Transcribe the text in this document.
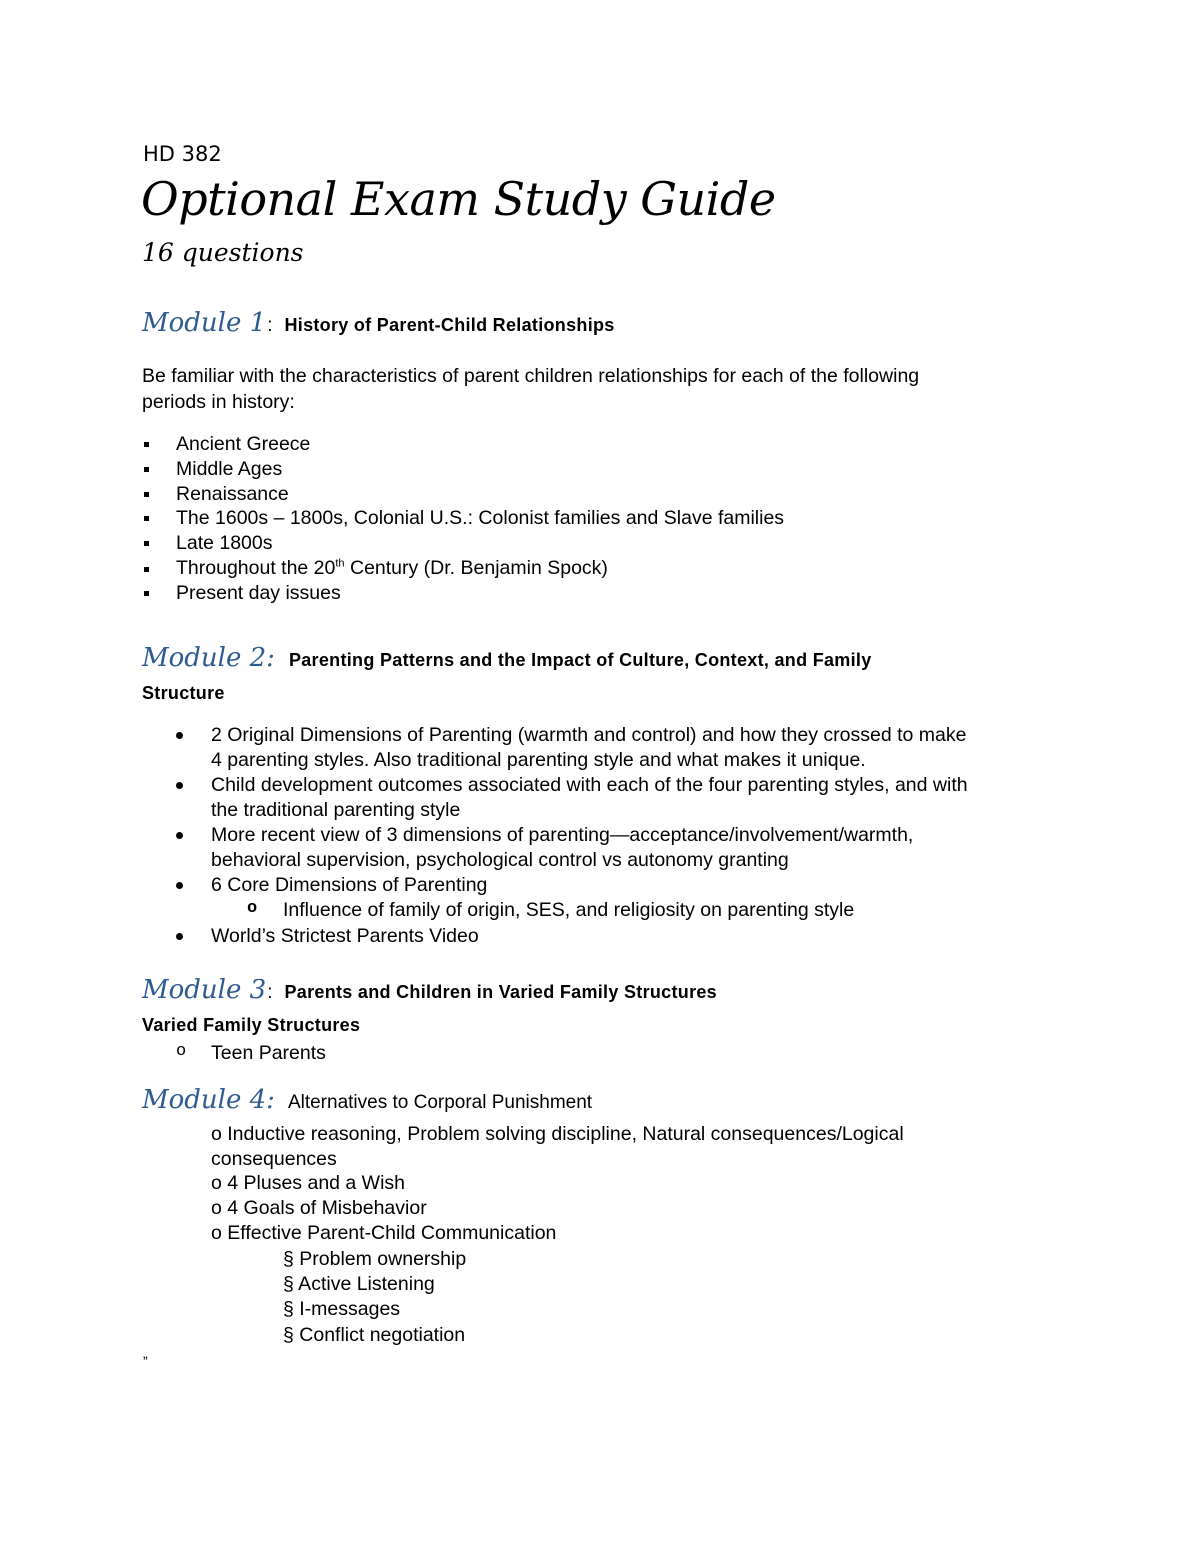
HD 382
Optional Exam Study Guide
16 questions
Module 1 : History of Parent-Child Relationships
Be familiar with the characteristics of parent children relationships for each of the following
periods in history:
Ancient Greece
Middle Ages
Renaissance
The 1600s – 1800s, Colonial U.S.: Colonist families and Slave families
Late 1800s
Throughout the 20th Century (Dr. Benjamin Spock)
Present day issues
Module 2: Parenting Patterns and the Impact of Culture, Context, and Family
Structure
2 Original Dimensions of Parenting (warmth and control) and how they crossed to make
4 parenting styles. Also traditional parenting style and what makes it unique.
Child development outcomes associated with each of the four parenting styles, and with
the traditional parenting style
More recent view of 3 dimensions of parenting—acceptance/involvement/warmth,
behavioral supervision, psychological control vs autonomy granting
6 Core Dimensions of Parenting
o Influence of family of origin, SES, and religiosity on parenting style
World’s Strictest Parents Video
Module 3 : Parents and Children in Varied Family Structures
Varied Family Structures
o Teen Parents
Module 4: Alternatives to Corporal Punishment
o Inductive reasoning, Problem solving discipline, Natural consequences/Logical
consequences
o 4 Pluses and a Wish
o 4 Goals of Misbehavior
o Effective Parent-Child Communication
§ Problem ownership
§ Active Listening
§ I-messages
§ Conflict negotiation
„
